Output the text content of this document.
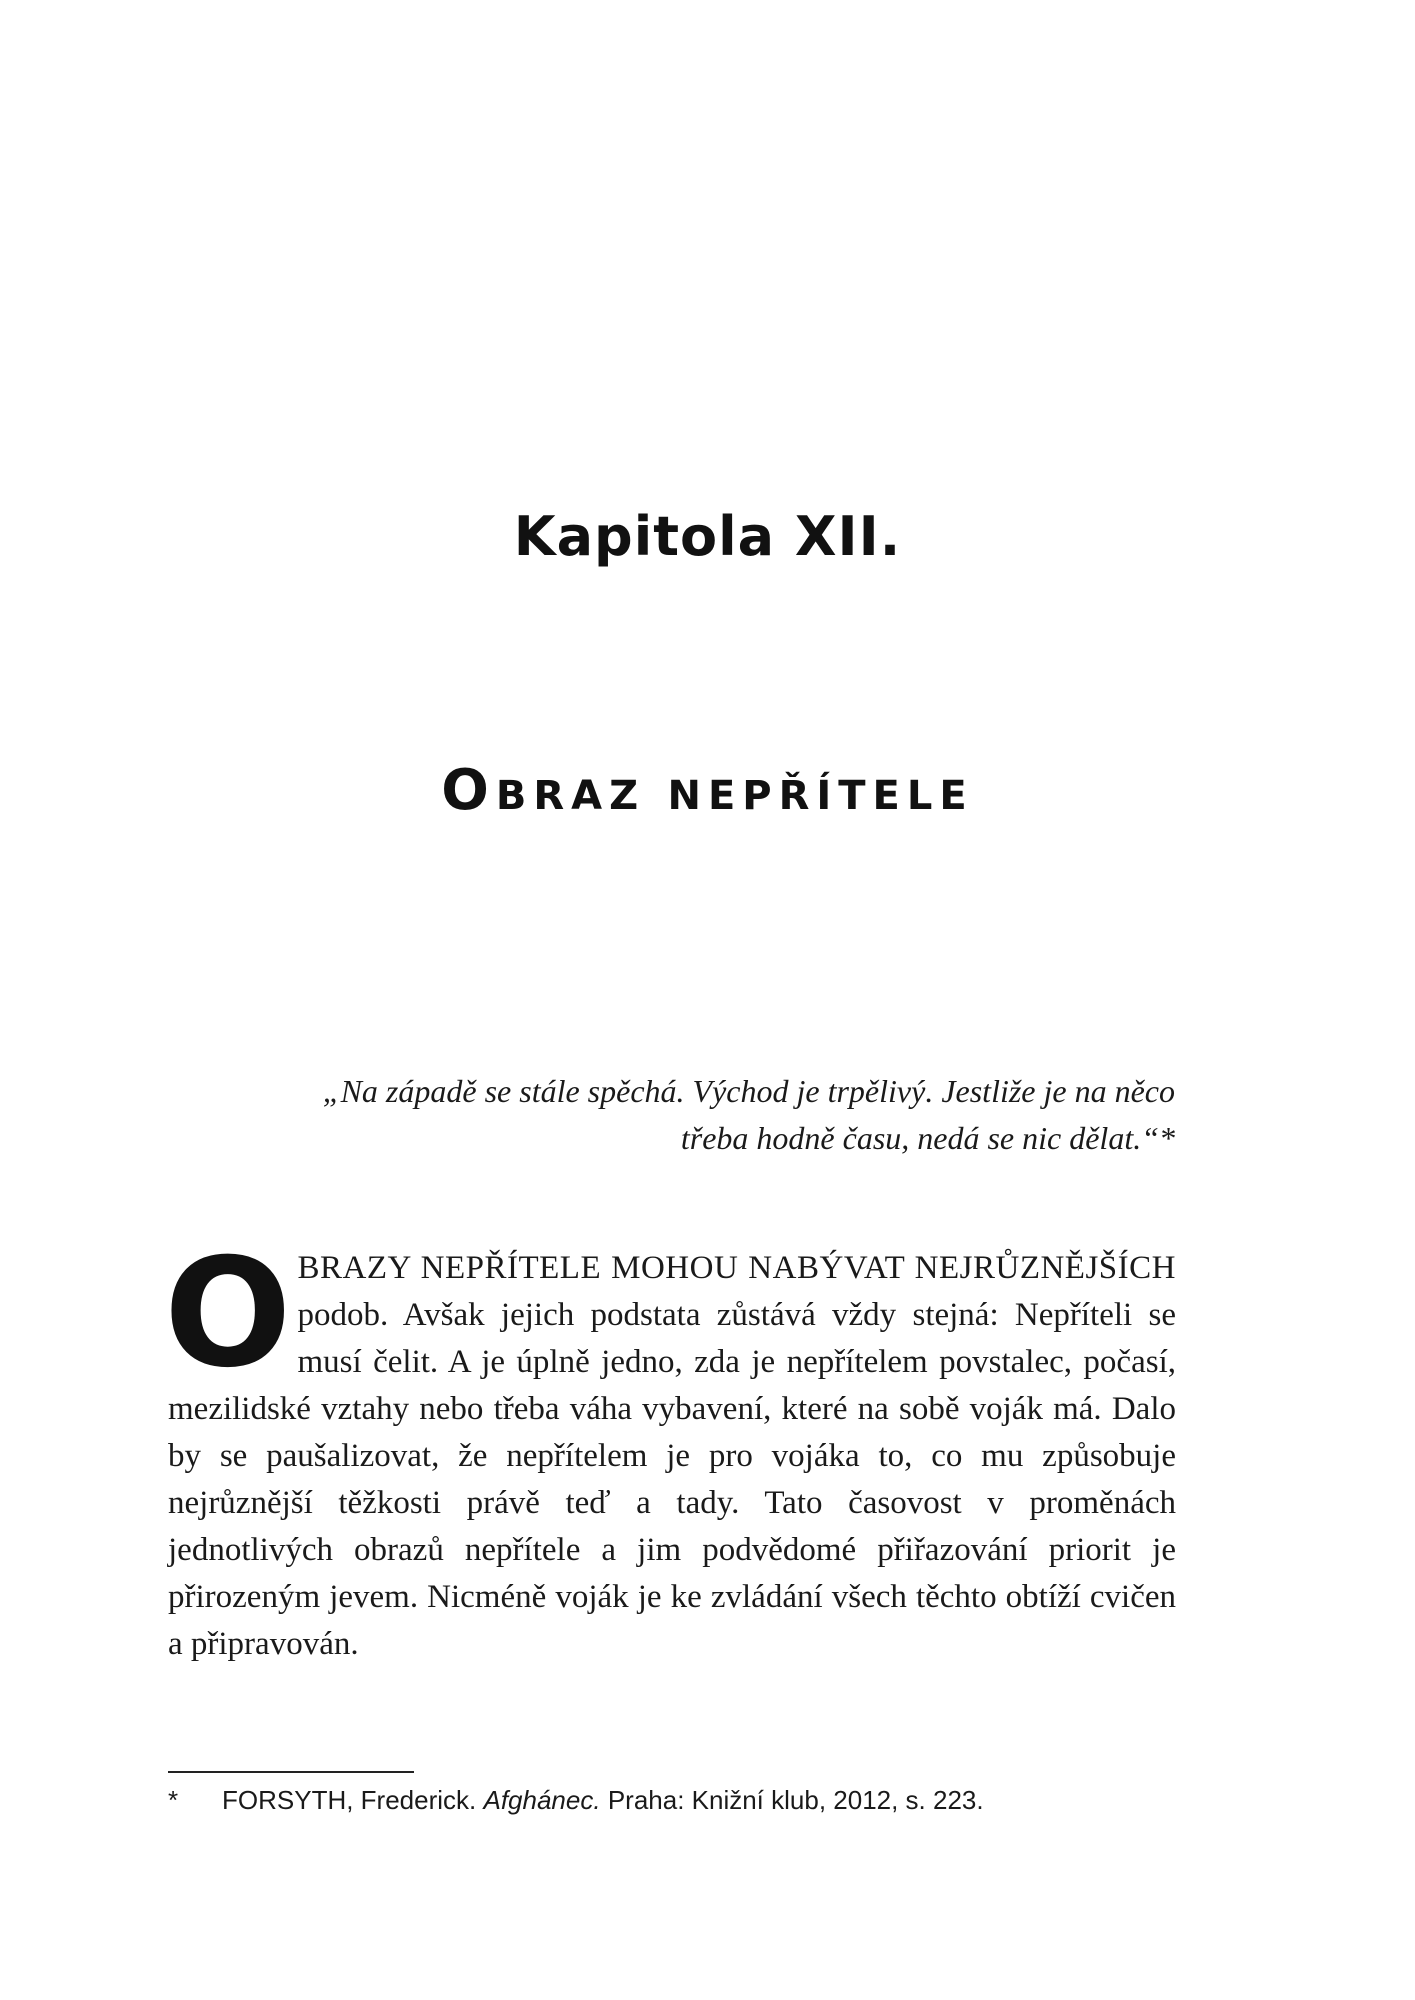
Kapitola XII.
OBRAZ NEPŘÍTELE
„Na západě se stále spěchá. Východ je trpělivý. Jestliže je na něco
třeba hodně času, nedá se nic dělat.“*

OBRAZY NEPŘÍTELE MOHOU NABÝVAT NEJRŮZNĚJŠÍCH podob. Avšak jejich podstata zůstává vždy stejná: Nepříteli se musí čelit. A je úplně jedno, zda je nepřítelem povstalec, počasí, mezilidské vztahy nebo třeba váha vybavení, které na sobě voják má. Dalo by se paušalizovat, že nepřítelem je pro vojáka to, co mu způsobuje nejrůznější těžkosti právě teď a tady. Tato časovost v proměnách jednotlivých obrazů nepřítele a jim podvědomé přiřazování priorit je přirozeným jevem. Nicméně voják je ke zvládání všech těchto obtíží cvičen a připravován.

* FORSYTH, Frederick. Afghánec. Praha: Knižní klub, 2012, s. 223.
